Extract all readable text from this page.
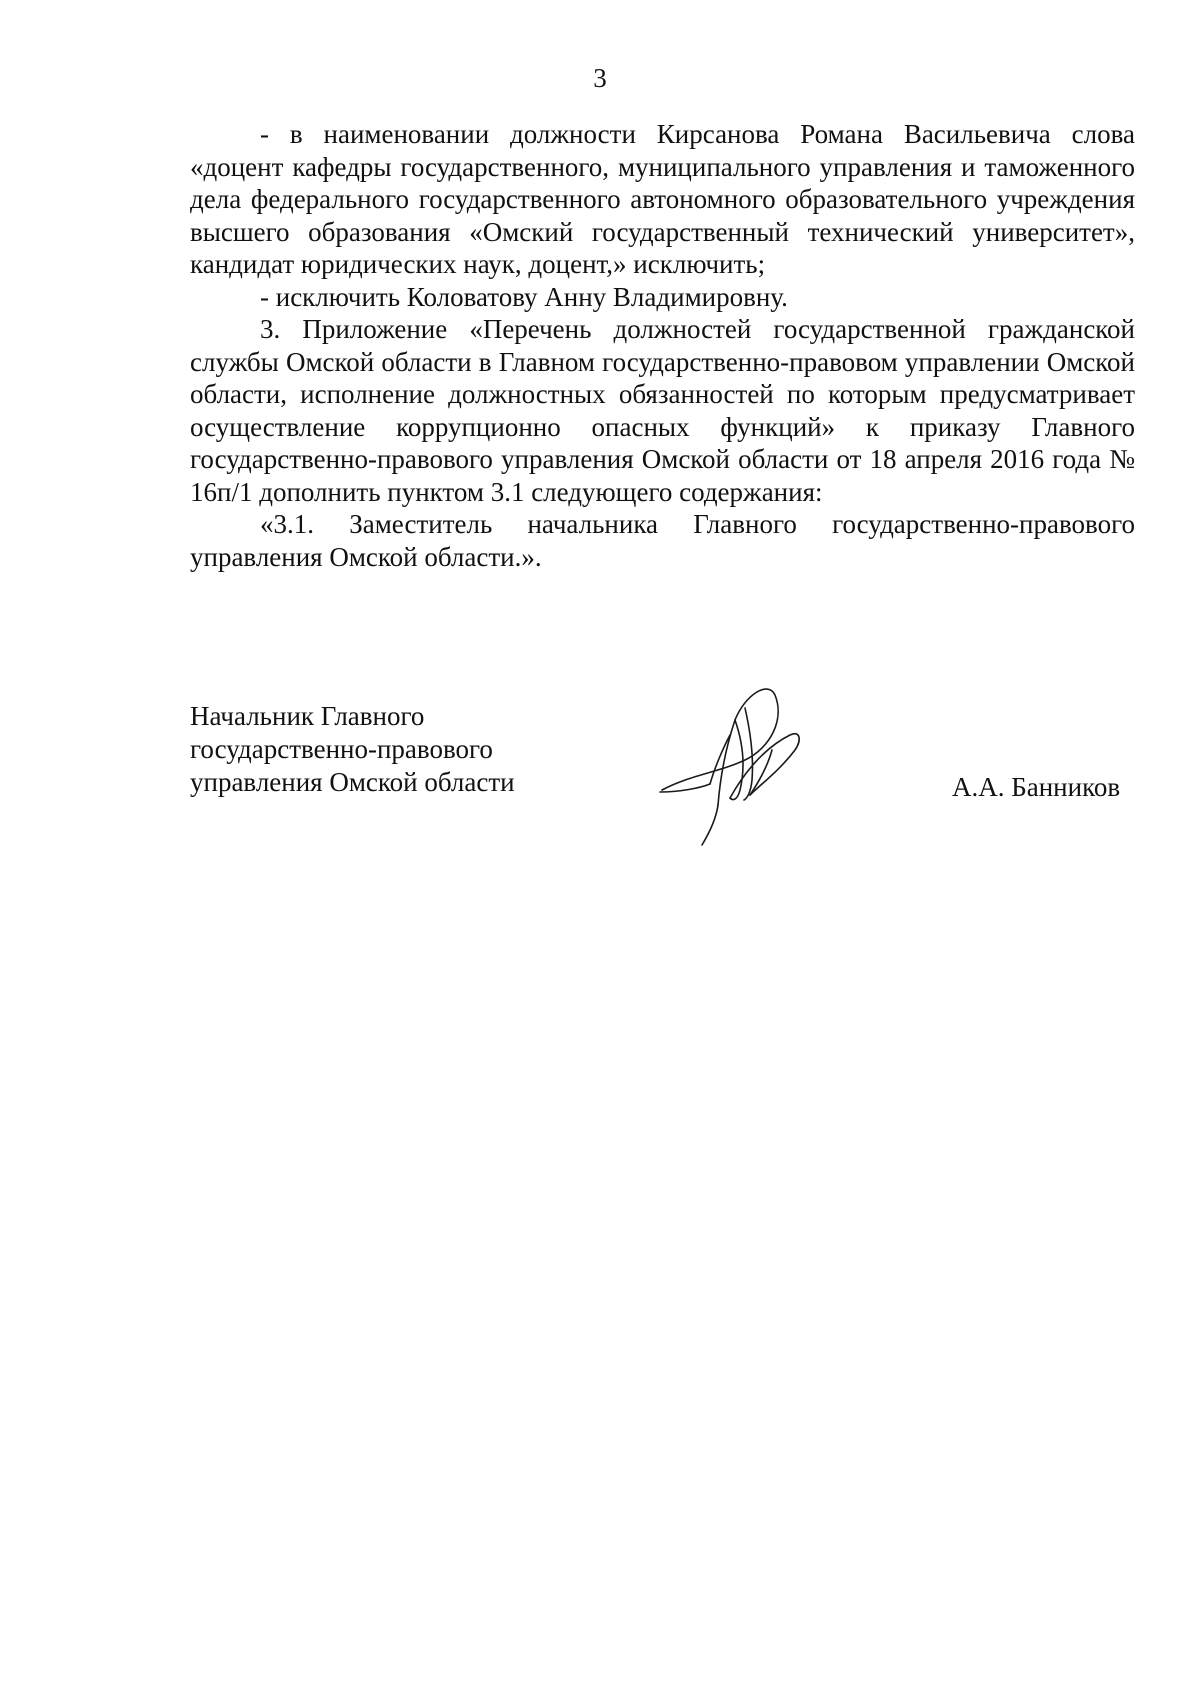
3

- в наименовании должности Кирсанова Романа Васильевича слова «доцент кафедры государственного, муниципального управления и таможенного дела федерального государственного автономного образовательного учреждения высшего образования «Омский государственный технический университет», кандидат юридических наук, доцент,» исключить;

- исключить Коловатову Анну Владимировну.

3. Приложение «Перечень должностей государственной гражданской службы Омской области в Главном государственно-правовом управлении Омской области, исполнение должностных обязанностей по которым предусматривает осуществление коррупционно опасных функций» к приказу Главного государственно-правового управления Омской области от 18 апреля 2016 года № 16п/1 дополнить пунктом 3.1 следующего содержания:

«3.1. Заместитель начальника Главного государственно-правового управления Омской области.».

Начальник Главного
государственно-правового
управления Омской области	А.А. Банников
